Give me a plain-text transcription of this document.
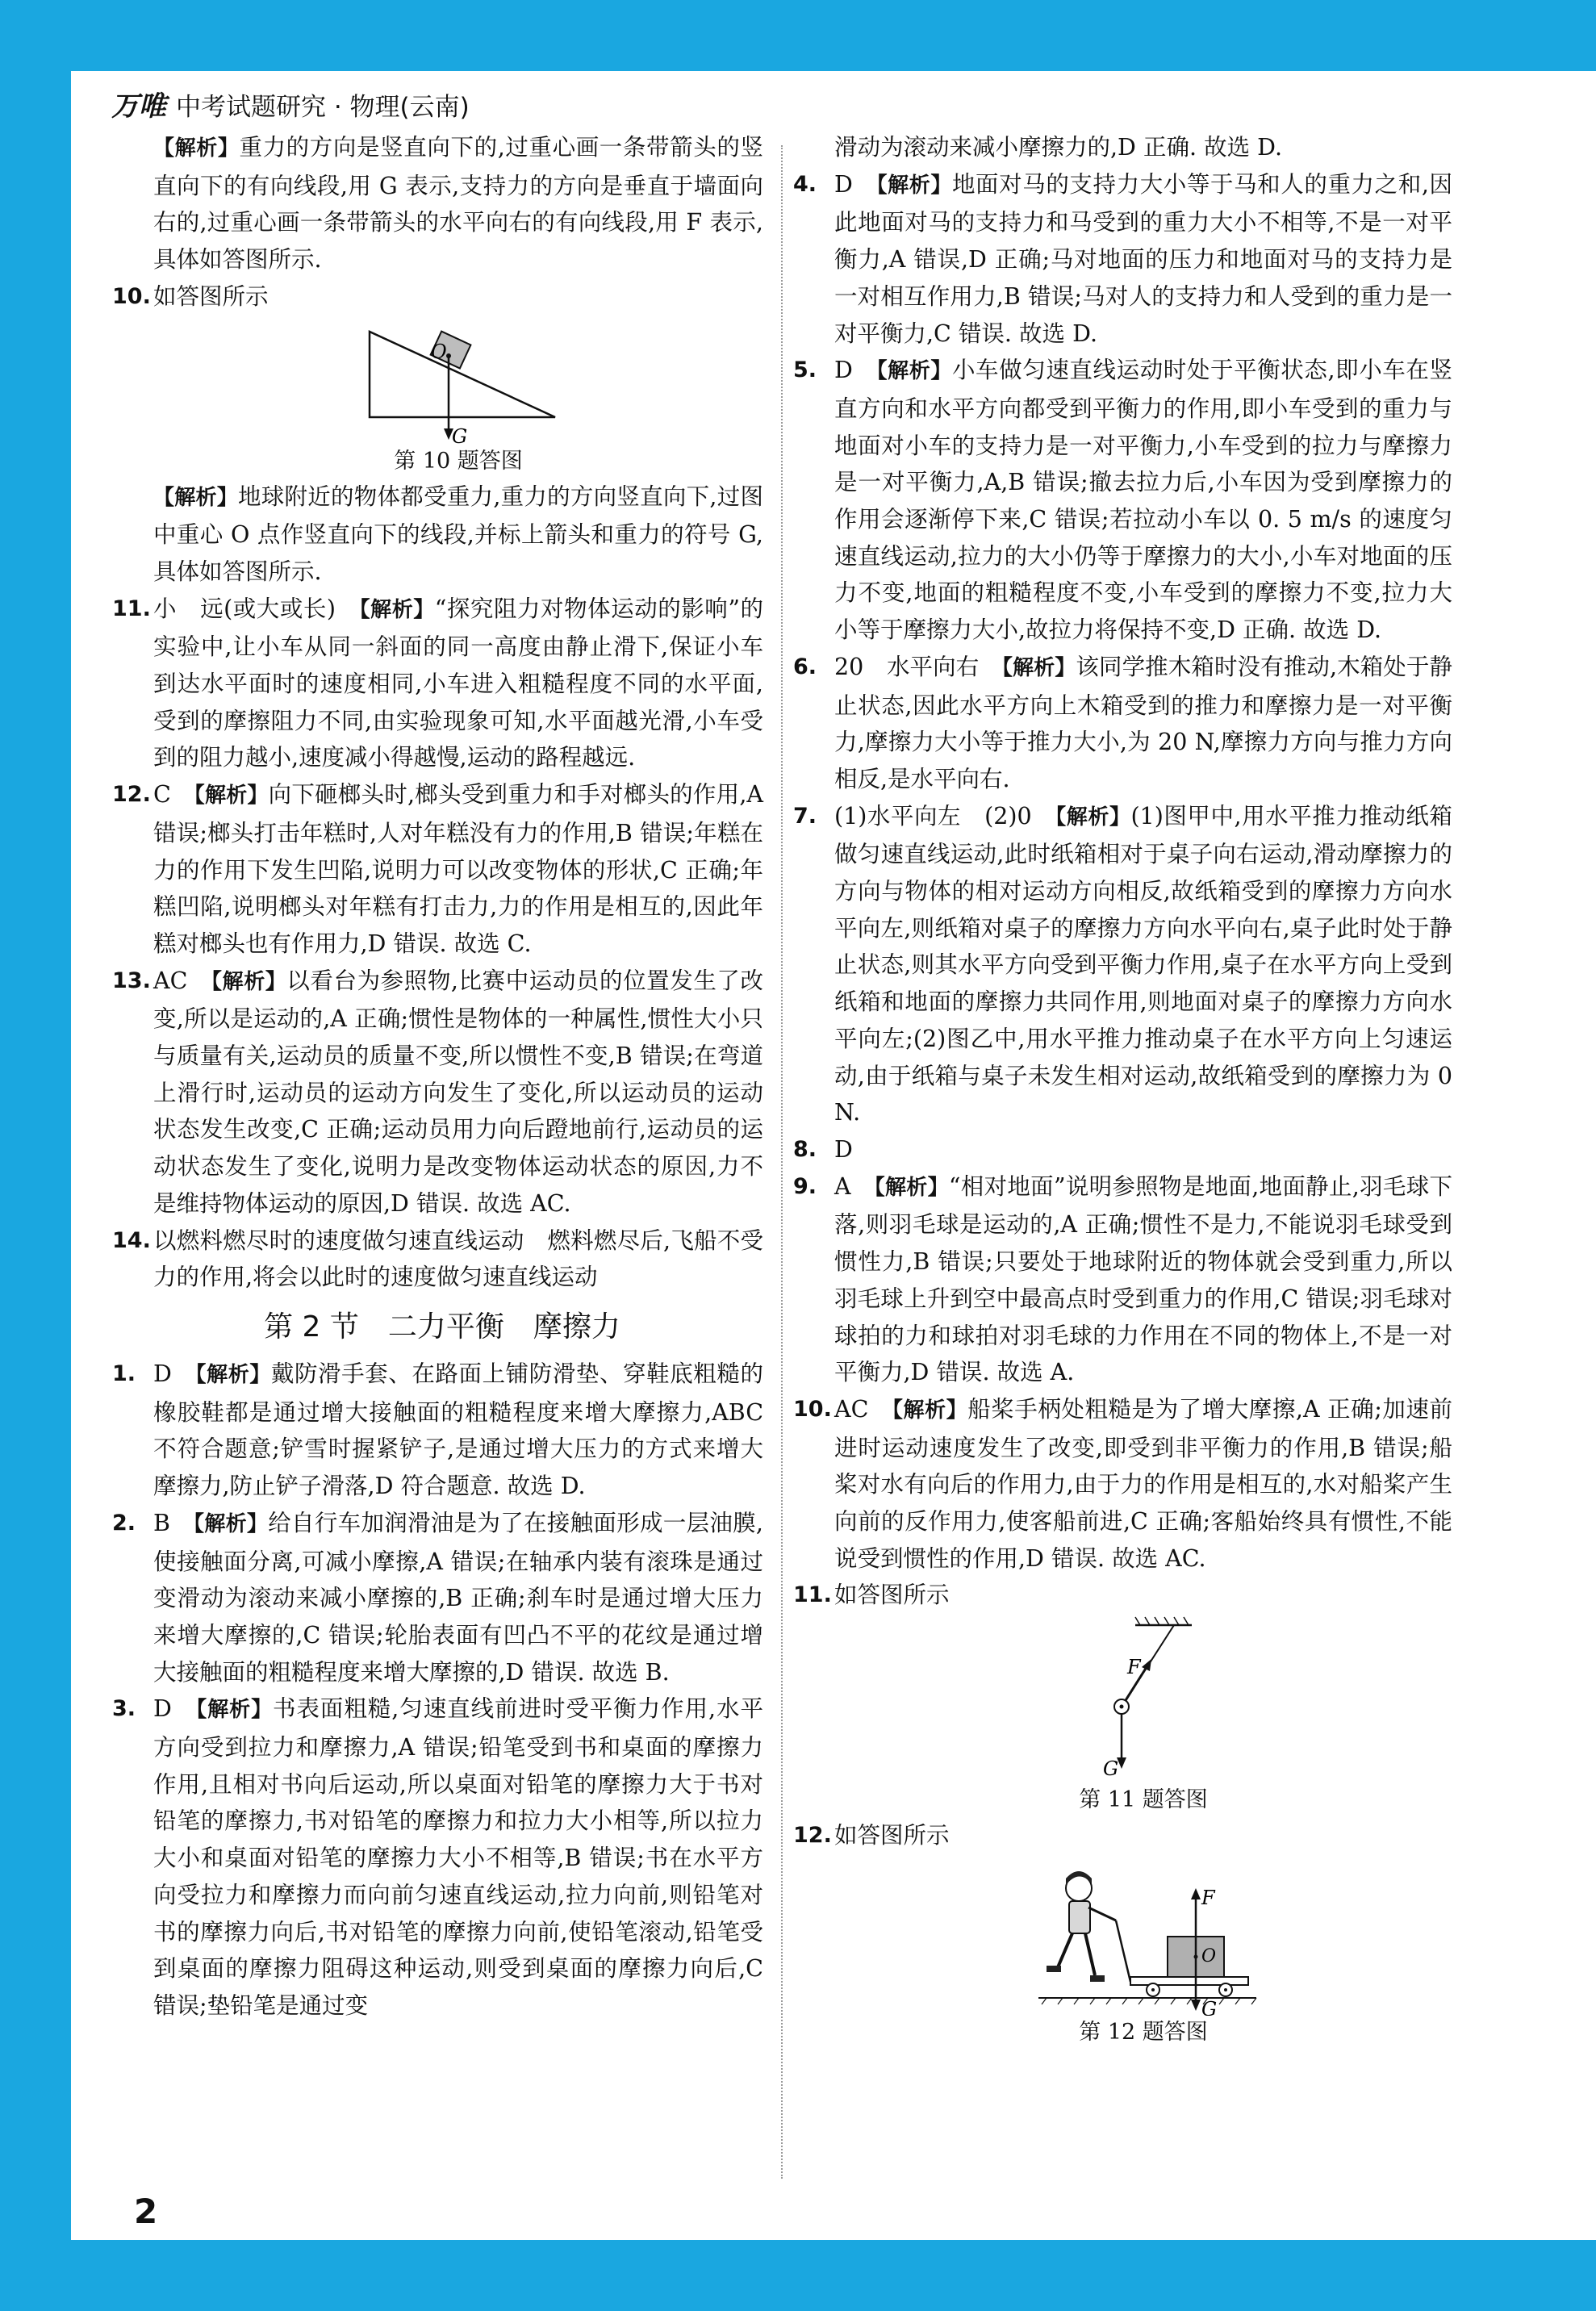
万唯 中考试题研究 · 物理(云南)
【解析】重力的方向是竖直向下的,过重心画一条带箭头的竖直向下的有向线段,用 G 表示,支持力的方向是垂直于墙面向右的,过重心画一条带箭头的水平向右的有向线段,用 F 表示,具体如答图所示.
10. 如答图所示
O
G
第 10 题答图
【解析】地球附近的物体都受重力,重力的方向竖直向下,过图中重心 O 点作竖直向下的线段,并标上箭头和重力的符号 G,具体如答图所示.
11. 小　远(或大或长)　 【解析】“探究阻力对物体运动的影响”的实验中,让小车从同一斜面的同一高度由静止滑下,保证小车到达水平面时的速度相同,小车进入粗糙程度不同的水平面,受到的摩擦阻力不同,由实验现象可知,水平面越光滑,小车受到的阻力越小,速度减小得越慢,运动的路程越远.
12. C　 【解析】向下砸榔头时,榔头受到重力和手对榔头的作用,A 错误;榔头打击年糕时,人对年糕没有力的作用,B 错误;年糕在力的作用下发生凹陷,说明力可以改变物体的形状,C 正确;年糕凹陷,说明榔头对年糕有打击力,力的作用是相互的,因此年糕对榔头也有作用力,D 错误. 故选 C.
13. AC　 【解析】以看台为参照物,比赛中运动员的位置发生了改变,所以是运动的,A 正确;惯性是物体的一种属性,惯性大小只与质量有关,运动员的质量不变,所以惯性不变,B 错误;在弯道上滑行时,运动员的运动方向发生了变化,所以运动员的运动状态发生改变,C 正确;运动员用力向后蹬地前行,运动员的运动状态发生了变化,说明力是改变物体运动状态的原因,力不是维持物体运动的原因,D 错误. 故选 AC.
14. 以燃料燃尽时的速度做匀速直线运动　燃料燃尽后,飞船不受力的作用,将会以此时的速度做匀速直线运动
第 2 节　二力平衡　摩擦力
1. D　 【解析】戴防滑手套、在路面上铺防滑垫、穿鞋底粗糙的橡胶鞋都是通过增大接触面的粗糙程度来增大摩擦力,ABC 不符合题意;铲雪时握紧铲子,是通过增大压力的方式来增大摩擦力,防止铲子滑落,D 符合题意. 故选 D.
2. B　 【解析】给自行车加润滑油是为了在接触面形成一层油膜,使接触面分离,可减小摩擦,A 错误;在轴承内装有滚珠是通过变滑动为滚动来减小摩擦的,B 正确;刹车时是通过增大压力来增大摩擦的,C 错误;轮胎表面有凹凸不平的花纹是通过增大接触面的粗糙程度来增大摩擦的,D 错误. 故选 B.
3. D　 【解析】书表面粗糙,匀速直线前进时受平衡力作用,水平方向受到拉力和摩擦力,A 错误;铅笔受到书和桌面的摩擦力作用,且相对书向后运动,所以桌面对铅笔的摩擦力大于书对铅笔的摩擦力,书对铅笔的摩擦力和拉力大小相等,所以拉力大小和桌面对铅笔的摩擦力大小不相等,B 错误;书在水平方向受拉力和摩擦力而向前匀速直线运动,拉力向前,则铅笔对书的摩擦力向后,书对铅笔的摩擦力向前,使铅笔滚动,铅笔受到桌面的摩擦力阻碍这种运动,则受到桌面的摩擦力向后,C 错误;垫铅笔是通过变
滑动为滚动来减小摩擦力的,D 正确. 故选 D.
4. D　 【解析】地面对马的支持力大小等于马和人的重力之和,因此地面对马的支持力和马受到的重力大小不相等,不是一对平衡力,A 错误,D 正确;马对地面的压力和地面对马的支持力是一对相互作用力,B 错误;马对人的支持力和人受到的重力是一对平衡力,C 错误. 故选 D.
5. D　 【解析】小车做匀速直线运动时处于平衡状态,即小车在竖直方向和水平方向都受到平衡力的作用,即小车受到的重力与地面对小车的支持力是一对平衡力,小车受到的拉力与摩擦力是一对平衡力,A,B 错误;撤去拉力后,小车因为受到摩擦力的作用会逐渐停下来,C 错误;若拉动小车以 0. 5 m/s 的速度匀速直线运动,拉力的大小仍等于摩擦力的大小,小车对地面的压力不变,地面的粗糙程度不变,小车受到的摩擦力不变,拉力大小等于摩擦力大小,故拉力将保持不变,D 正确. 故选 D.
6. 20　水平向右　 【解析】该同学推木箱时没有推动,木箱处于静止状态,因此水平方向上木箱受到的推力和摩擦力是一对平衡力,摩擦力大小等于推力大小,为 20 N,摩擦力方向与推力方向相反,是水平向右.
7. (1)水平向左　(2)0　 【解析】(1)图甲中,用水平推力推动纸箱做匀速直线运动,此时纸箱相对于桌子向右运动,滑动摩擦力的方向与物体的相对运动方向相反,故纸箱受到的摩擦力方向水平向左,则纸箱对桌子的摩擦力方向水平向右,桌子此时处于静止状态,则其水平方向受到平衡力作用,桌子在水平方向上受到纸箱和地面的摩擦力共同作用,则地面对桌子的摩擦力方向水平向左;(2)图乙中,用水平推力推动桌子在水平方向上匀速运动,由于纸箱与桌子未发生相对运动,故纸箱受到的摩擦力为 0 N.
8. D
9. A　 【解析】“相对地面”说明参照物是地面,地面静止,羽毛球下落,则羽毛球是运动的,A 正确;惯性不是力,不能说羽毛球受到惯性力,B 错误;只要处于地球附近的物体就会受到重力,所以羽毛球上升到空中最高点时受到重力的作用,C 错误;羽毛球对球拍的力和球拍对羽毛球的力作用在不同的物体上,不是一对平衡力,D 错误. 故选 A.
10. AC　 【解析】船桨手柄处粗糙是为了增大摩擦,A 正确;加速前进时运动速度发生了改变,即受到非平衡力的作用,B 错误;船桨对水有向后的作用力,由于力的作用是相互的,水对船桨产生向前的反作用力,使客船前进,C 正确;客船始终具有惯性,不能说受到惯性的作用,D 错误. 故选 AC.
11. 如答图所示
F
G
第 11 题答图
12. 如答图所示
F
O
G
第 12 题答图
2
